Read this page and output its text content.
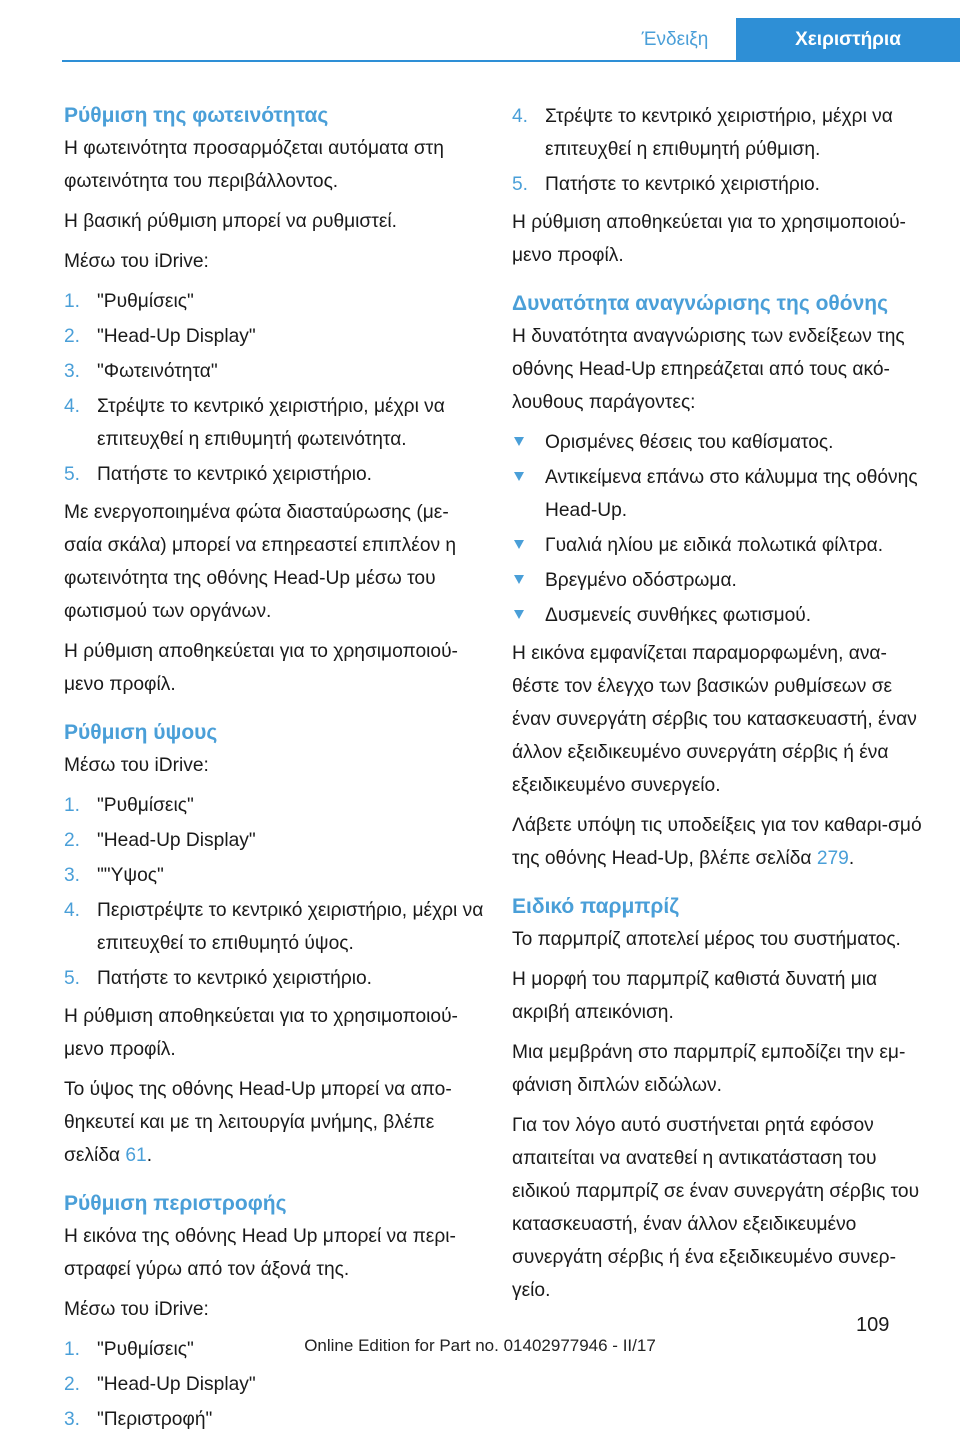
Ένδειξη	Χειριστήρια
Ρύθμιση της φωτεινότητας

Η φωτεινότητα προσαρμόζεται αυτόματα στη φωτεινότητα του περιβάλλοντος.

Η βασική ρύθμιση μπορεί να ρυθμιστεί.

Μέσω του iDrive:

1. "Ρυθμίσεις"
2. "Head-Up Display"
3. "Φωτεινότητα"
4. Στρέψτε το κεντρικό χειριστήριο, μέχρι να επιτευχθεί η επιθυμητή φωτεινότητα.
5. Πατήστε το κεντρικό χειριστήριο.

Με ενεργοποιημένα φώτα διασταύρωσης (με‐σαία σκάλα) μπορεί να επηρεαστεί επιπλέον η φωτεινότητα της οθόνης Head-Up μέσω του φωτισμού των οργάνων.

Η ρύθμιση αποθηκεύεται για το χρησιμοποιού‐μενο προφίλ.

Ρύθμιση ύψους

Μέσω του iDrive:

1. "Ρυθμίσεις"
2. "Head-Up Display"
3. ""Υψος"
4. Περιστρέψτε το κεντρικό χειριστήριο, μέχρι να επιτευχθεί το επιθυμητό ύψος.
5. Πατήστε το κεντρικό χειριστήριο.

Η ρύθμιση αποθηκεύεται για το χρησιμοποιού‐μενο προφίλ.

Το ύψος της οθόνης Head-Up μπορεί να απο‐θηκευτεί και με τη λειτουργία μνήμης, βλέπε σελίδα 61.

Ρύθμιση περιστροφής

Η εικόνα της οθόνης Head Up μπορεί να περι‐στραφεί γύρω από τον άξονά της.

Μέσω του iDrive:

1. "Ρυθμίσεις"
2. "Head-Up Display"
3. "Περιστροφή"
4. Στρέψτε το κεντρικό χειριστήριο, μέχρι να επιτευχθεί η επιθυμητή ρύθμιση.
5. Πατήστε το κεντρικό χειριστήριο.

Η ρύθμιση αποθηκεύεται για το χρησιμοποιού‐μενο προφίλ.

Δυνατότητα αναγνώρισης της οθόνης

Η δυνατότητα αναγνώρισης των ενδείξεων της οθόνης Head-Up επηρεάζεται από τους ακό‐λουθους παράγοντες:

Ορισμένες θέσεις του καθίσματος.
Αντικείμενα επάνω στο κάλυμμα της οθόνης Head-Up.
Γυαλιά ηλίου με ειδικά πολωτικά φίλτρα.
Βρεγμένο οδόστρωμα.
Δυσμενείς συνθήκες φωτισμού.

Η εικόνα εμφανίζεται παραμορφωμένη, ανα‐θέστε τον έλεγχο των βασικών ρυθμίσεων σε έναν συνεργάτη σέρβις του κατασκευαστή, έναν άλλον εξειδικευμένο συνεργάτη σέρβις ή ένα εξειδικευμένο συνεργείο.

Λάβετε υπόψη τις υποδείξεις για τον καθαρι‐σμό της οθόνης Head-Up, βλέπε σελίδα 279.

Ειδικό παρμπρίζ

Το παρμπρίζ αποτελεί μέρος του συστήματος.

Η μορφή του παρμπρίζ καθιστά δυνατή μια ακριβή απεικόνιση.

Μια μεμβράνη στο παρμπρίζ εμποδίζει την εμ‐φάνιση διπλών ειδώλων.

Για τον λόγο αυτό συστήνεται ρητά εφόσον απαιτείται να ανατεθεί η αντικατάσταση του ειδικού παρμπρίζ σε έναν συνεργάτη σέρβις του κατασκευαστή, έναν άλλον εξειδικευμένο συνεργάτη σέρβις ή ένα εξειδικευμένο συνερ‐γείο.

109
Online Edition for Part no. 01402977946 - II/17
